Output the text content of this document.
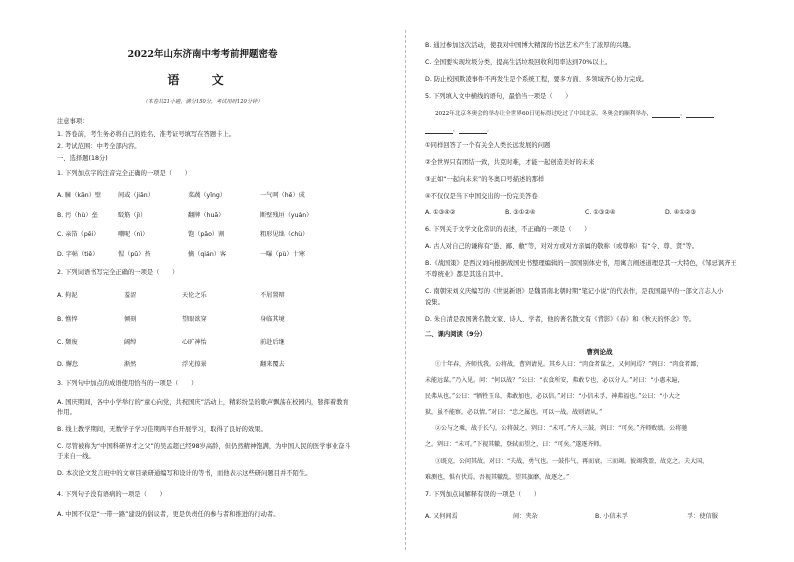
2022年山东济南中考考前押题密卷
语 文
（本卷共21小题，满分150分，考试用时120分钟）
注意事项：
1. 答卷前，考生务必将自己的姓名、准考证号填写在答题卡上。
2. 考试范围：中考全部内容。
一、选择题(18分)
1. 下列加点字的注音完全正确的一项是（　　）
A. 臃（kān）壁	间或（jiān）	菜蔬（yǐng）	一气呵（hē）成
B. 污（hù）垒	駁筋（jì）	翻牌（huā）	断壁残垣（yuán）
C. 亲箔（pēi）	嘲呢（nì）	饱（pāo）割	粗形见绌（chù）
D. 字帖（tiē）	惺（pǔ）苔	擒（qián）客	一曝（pù）十寒
2. 下列词语书写完全正确的一项是（　　）
A. 拘泥	羞涩	天伦之乐	不屑置辩
B. 憔悴	倾刻	望眼欲穿	身临其境
C. 颓废	阔绰	心旷神怡	前赴后继
D. 懈怠	渐然	浮光掠景	翻来覆去
3. 下列句中加点的成语使用恰当的一项是（　　）
A. 国庆期间，各中小学举行的“童心向党，共祝国庆”活动上，精彩纷呈的歌声飘荡在校园内，發挥着教育
作用。
B. 线上教学期间，无数学子学习佳期两平台开展学习，取得了良好的效果。
C. 尽管被称为“中国科研界才之父”的吴孟超已经98岁高龄，但仍然精神饱满，为中国人民的医学事业奋斗
于来自一线。
D. 本次论文发言班中的文章目录研通编写和设计的等书，而他表示这些研问题目并不陌生。
4. 下列句子没有语病的一项是（　　）
A. 中国不仅是“一带一路”建设的倡议者，更是负责任的参与者和推进的行动者。
B. 通过参加这次活动，使我对中国博大精深的书法艺术产生了浓厚的兴趣。
C. 全国要实现垃圾分类，提高生活垃圾回收利用率达到70%以上。
D. 防止校园欺凌事件不再发生是个系统工程，要多方面、多领域齐心协力完成。
5. 下列填入文中横线的语句，最恰当一项是（　　）
2022年北京冬奥会的举办让全世界60日见标得过吃过了中国北京。冬奥会的顺利举办，	，
，	。
①同样回答了一个有关全人类长远发展的问题
②全世界只有团结一致，共克时难，才能一起创造美好的未来
③正如“一起向未来”的冬奥口号描述的那样
④不仅仅是当下中国交出的一份完美答卷
A. ①③④②	B. ③①②④	C. ①③②④	D. ④①②③
6. 下列关于文学文化常识的表述，不正确的一项是（　　）
A. 古人对自己的谦称有“愚、鄙、敝”等，对对方或对方亲属的敬称（或尊称）有“令、尊、贤”等。
B.《战国策》是西汉刘向根据战国史书整理编辑的一部国别体史书，用寓言阐述道理是其一大特色，《邹忌讽齐王
不尊统业》都是其选自其中。
C. 南朝宋刘义庆编写的《世说新语》是魏晋南北朝时期“笔记小说”的代表作，是我国最早的一部文言志人小
说集。
D. 朱自清是我国著名散文家、诗人、学者，他的著名散文有《背影》《春》和《秋天的怀念》等。
二、课内阅读（9分）
曹刿论战
①十年春，齐师伐我。公将战，曹刿请见。其乡人曰：“肉食者谋之，又何间焉？”刿曰：“肉食者鄙，
未能远谋。”乃入见。问：“何以战？”公曰：“衣食所安，弗敢专也，必以分人。”对曰：“小惠未遍，
民弗从也。”公曰：“牺牲玉帛，弗敢加也，必以信。”对曰：“小信未孚，神弗福也。”公曰：“小大之
狱，虽不能察，必以情。”对曰：“忠之属也。可以一战。战则请从。”
②公与之乘，战于长勺。公将鼓之。刿曰：“未可。”齐人三鼓。刿曰：“可矣。”齐师败绩。公将驰
之。刿曰：“未可。”下视其辙，登轼而望之，曰：“可矣。”遂逐齐师。
③既克，公问其故。对曰：“夫战，勇气也。一鼓作气，再而衰，三而竭。彼竭我盈，故克之。夫大国，
难测也，惧有伏焉。吾视其辙乱，望其旗靡，故逐之。”
7. 下列加点词解释有误的一项是（　　）
A. 又何间焉	间：夹杂	B. 小信未孚	孚：使信服
